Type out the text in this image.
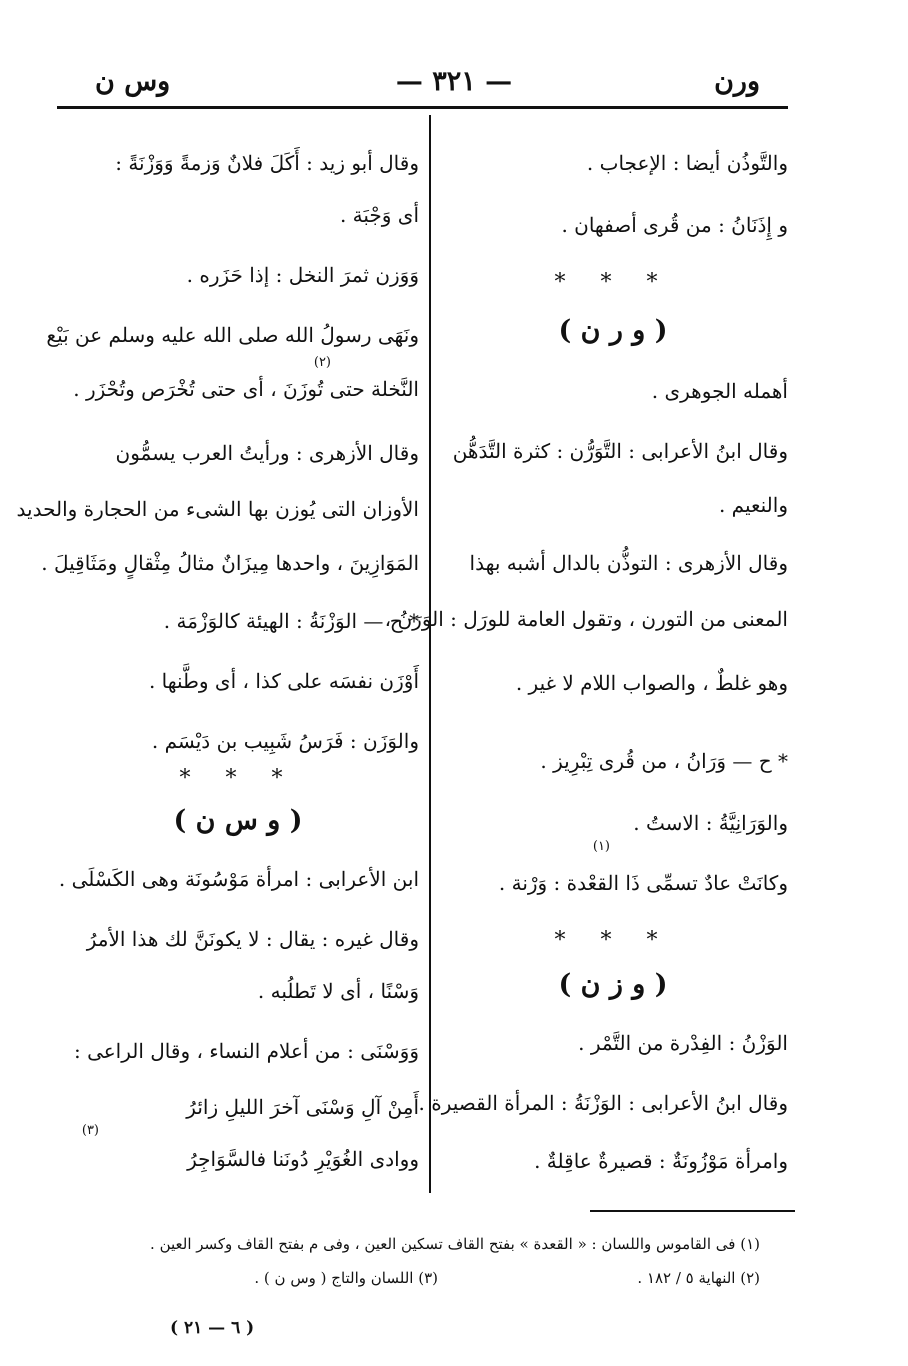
ورن
— ٣٢١ —
وس ن
والتَّوذُن أيضا : الإعجاب .
و إِذَنَانُ : من قُرى أصفهان .
* * *
( و ر ن )
أهمله الجوهرى .
وقال ابنُ الأعرابى : التَّوَرُّن : كثرة التَّدَهُّن
والنعيم .
وقال الأزهرى : التوذُّن بالدال أشبه بهذا
المعنى من التورن ، وتقول العامة للورَل : الوَرَنُ ،
وهو غلطٌ ، والصواب اللام لا غير .
* ح — وَرَانُ ، من قُرى تِبْرِيز .
والوَرَانِيَّةُ : الاستُ .
(١)
وكانَتْ عادٌ تسمِّى ذَا القعْدة : وَرْنة .
* * *
( و ز ن )
الوَزْنُ : الفِدْرة من التَّمْر .
وقال ابنُ الأعرابى : الوَزْنَةُ : المرأة القصيرة .
وامرأة مَوْزُونَةٌ : قصيرةٌ عاقِلةٌ .
وقال أبو زيد : أَكَلَ فلانٌ وَزمةً وَوَزْنَةً :
أى وَجْبَة .
وَوَزن ثمرَ النخل : إذا حَزَره .
ونَهَى رسولُ الله صلى الله عليه وسلم عن بَيْع
(٢)
النَّخلة حتى تُوزَنَ ، أى حتى تُخْرَص وتُحْزَر .
وقال الأزهرى : ورأيتُ العرب يسمُّون
الأوزان التى يُوزن بها الشىء من الحجارة والحديد
المَوَازِينَ ، واحدها مِيزَانٌ مثالُ مِثْقالٍ ومَثَاقِيلَ .
* ح — الوَزْنَةُ : الهيئة كالوَزْمَة .
أَوْزَن نفسَه على كذا ، أى وطَّنها .
والوَزَن : فَرَسُ شَبِيب بن دَيْسَم .
* * *
( و س ن )
ابن الأعرابى : امرأة مَوْسُونَة وهى الكَسْلَى .
وقال غيره : يقال : لا يكونَنَّ لك هذا الأمرُ
وَسْنًا ، أى لا تَطلُبه .
وَوَسْنَى : من أعلام النساء ، وقال الراعى :
أَمِنْ آلِ وَسْنَى آخرَ الليلِ زائرُ
(٣)
ووادى الغُوَيْرِ دُونَنا فالسَّوَاجِرُ
(١) فى القاموس واللسان : « القعدة » بفتح القاف تسكين العين ، وفى م بفتح القاف وكسر العين .
(٢) النهاية ٥ / ١٨٢ .
(٣) اللسان والتاج ( وس ن ) .
( ٦ — ٢١ )
